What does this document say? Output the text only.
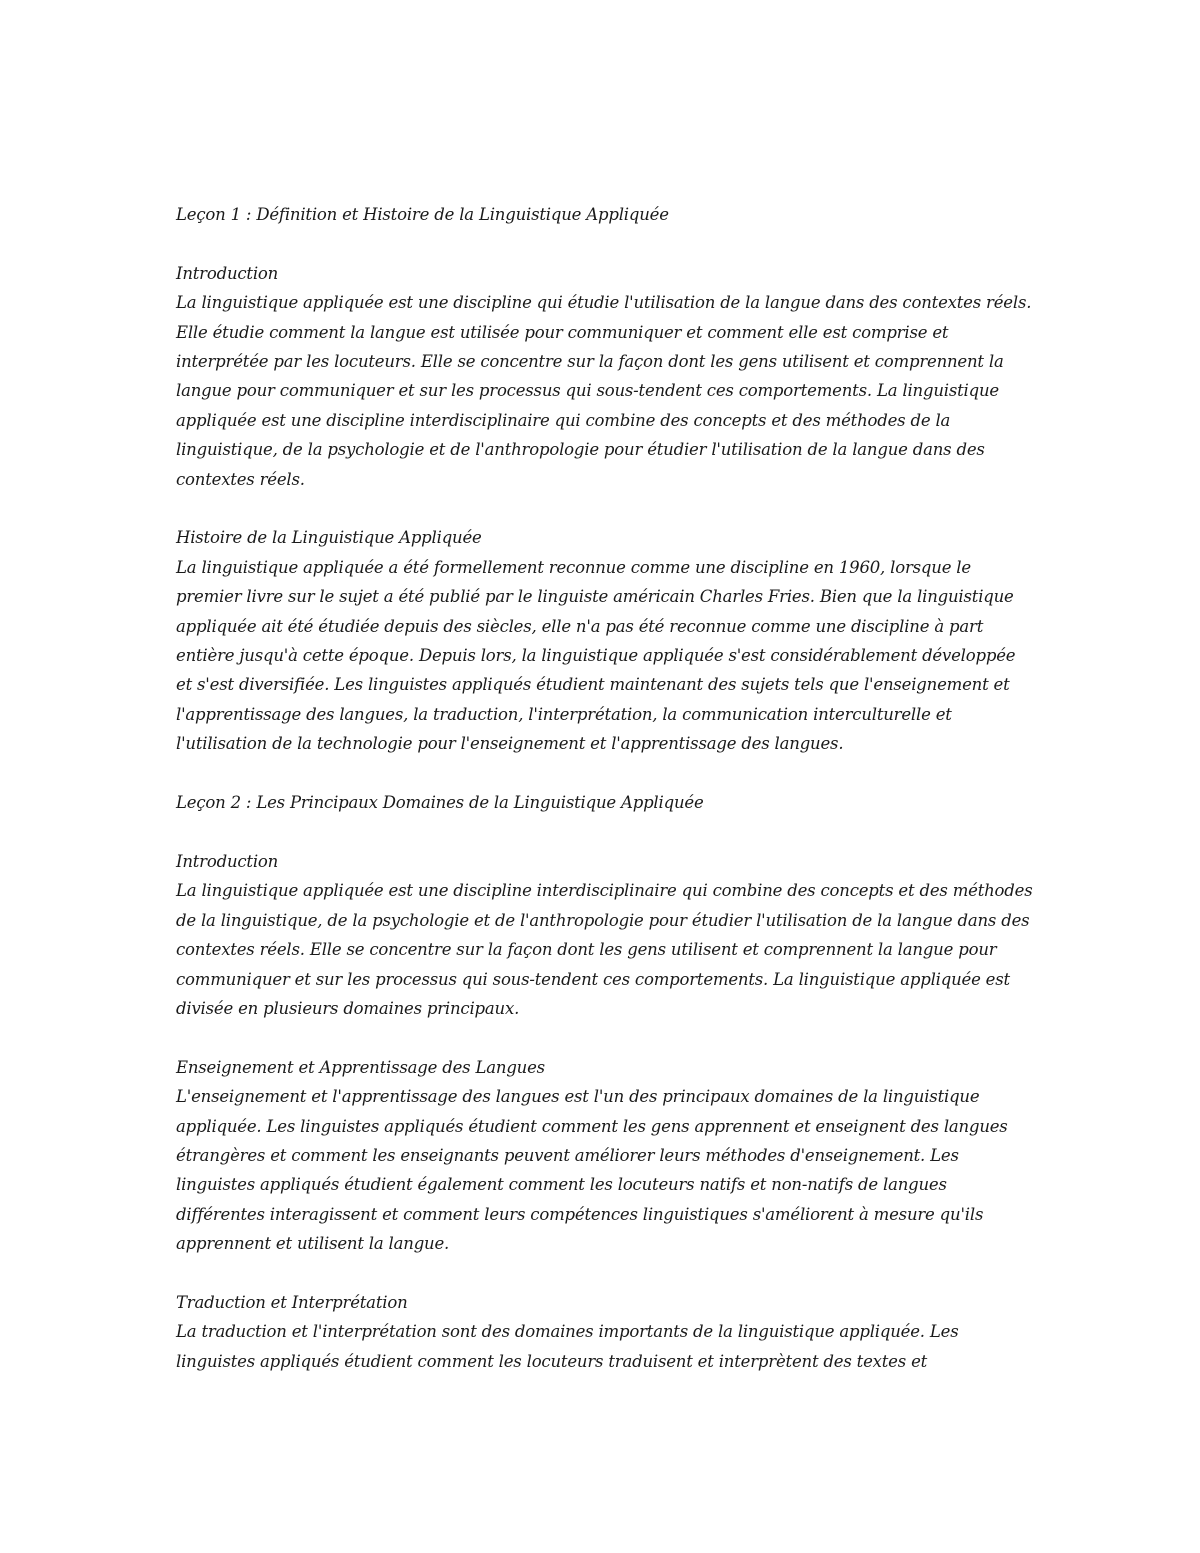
Leçon 1 : Définition et Histoire de la Linguistique Appliquée

Introduction

La linguistique appliquée est une discipline qui étudie l'utilisation de la langue dans des contextes réels. Elle étudie comment la langue est utilisée pour communiquer et comment elle est comprise et interprétée par les locuteurs. Elle se concentre sur la façon dont les gens utilisent et comprennent la langue pour communiquer et sur les processus qui sous-tendent ces comportements. La linguistique appliquée est une discipline interdisciplinaire qui combine des concepts et des méthodes de la linguistique, de la psychologie et de l'anthropologie pour étudier l'utilisation de la langue dans des contextes réels.

Histoire de la Linguistique Appliquée

La linguistique appliquée a été formellement reconnue comme une discipline en 1960, lorsque le premier livre sur le sujet a été publié par le linguiste américain Charles Fries. Bien que la linguistique appliquée ait été étudiée depuis des siècles, elle n'a pas été reconnue comme une discipline à part entière jusqu'à cette époque. Depuis lors, la linguistique appliquée s'est considérablement développée et s'est diversifiée. Les linguistes appliqués étudient maintenant des sujets tels que l'enseignement et l'apprentissage des langues, la traduction, l'interprétation, la communication interculturelle et l'utilisation de la technologie pour l'enseignement et l'apprentissage des langues.

Leçon 2 : Les Principaux Domaines de la Linguistique Appliquée

Introduction

La linguistique appliquée est une discipline interdisciplinaire qui combine des concepts et des méthodes de la linguistique, de la psychologie et de l'anthropologie pour étudier l'utilisation de la langue dans des contextes réels. Elle se concentre sur la façon dont les gens utilisent et comprennent la langue pour communiquer et sur les processus qui sous-tendent ces comportements. La linguistique appliquée est divisée en plusieurs domaines principaux.

Enseignement et Apprentissage des Langues

L'enseignement et l'apprentissage des langues est l'un des principaux domaines de la linguistique appliquée. Les linguistes appliqués étudient comment les gens apprennent et enseignent des langues étrangères et comment les enseignants peuvent améliorer leurs méthodes d'enseignement. Les linguistes appliqués étudient également comment les locuteurs natifs et non-natifs de langues différentes interagissent et comment leurs compétences linguistiques s'améliorent à mesure qu'ils apprennent et utilisent la langue.

Traduction et Interprétation

La traduction et l'interprétation sont des domaines importants de la linguistique appliquée. Les linguistes appliqués étudient comment les locuteurs traduisent et interprètent des textes et
